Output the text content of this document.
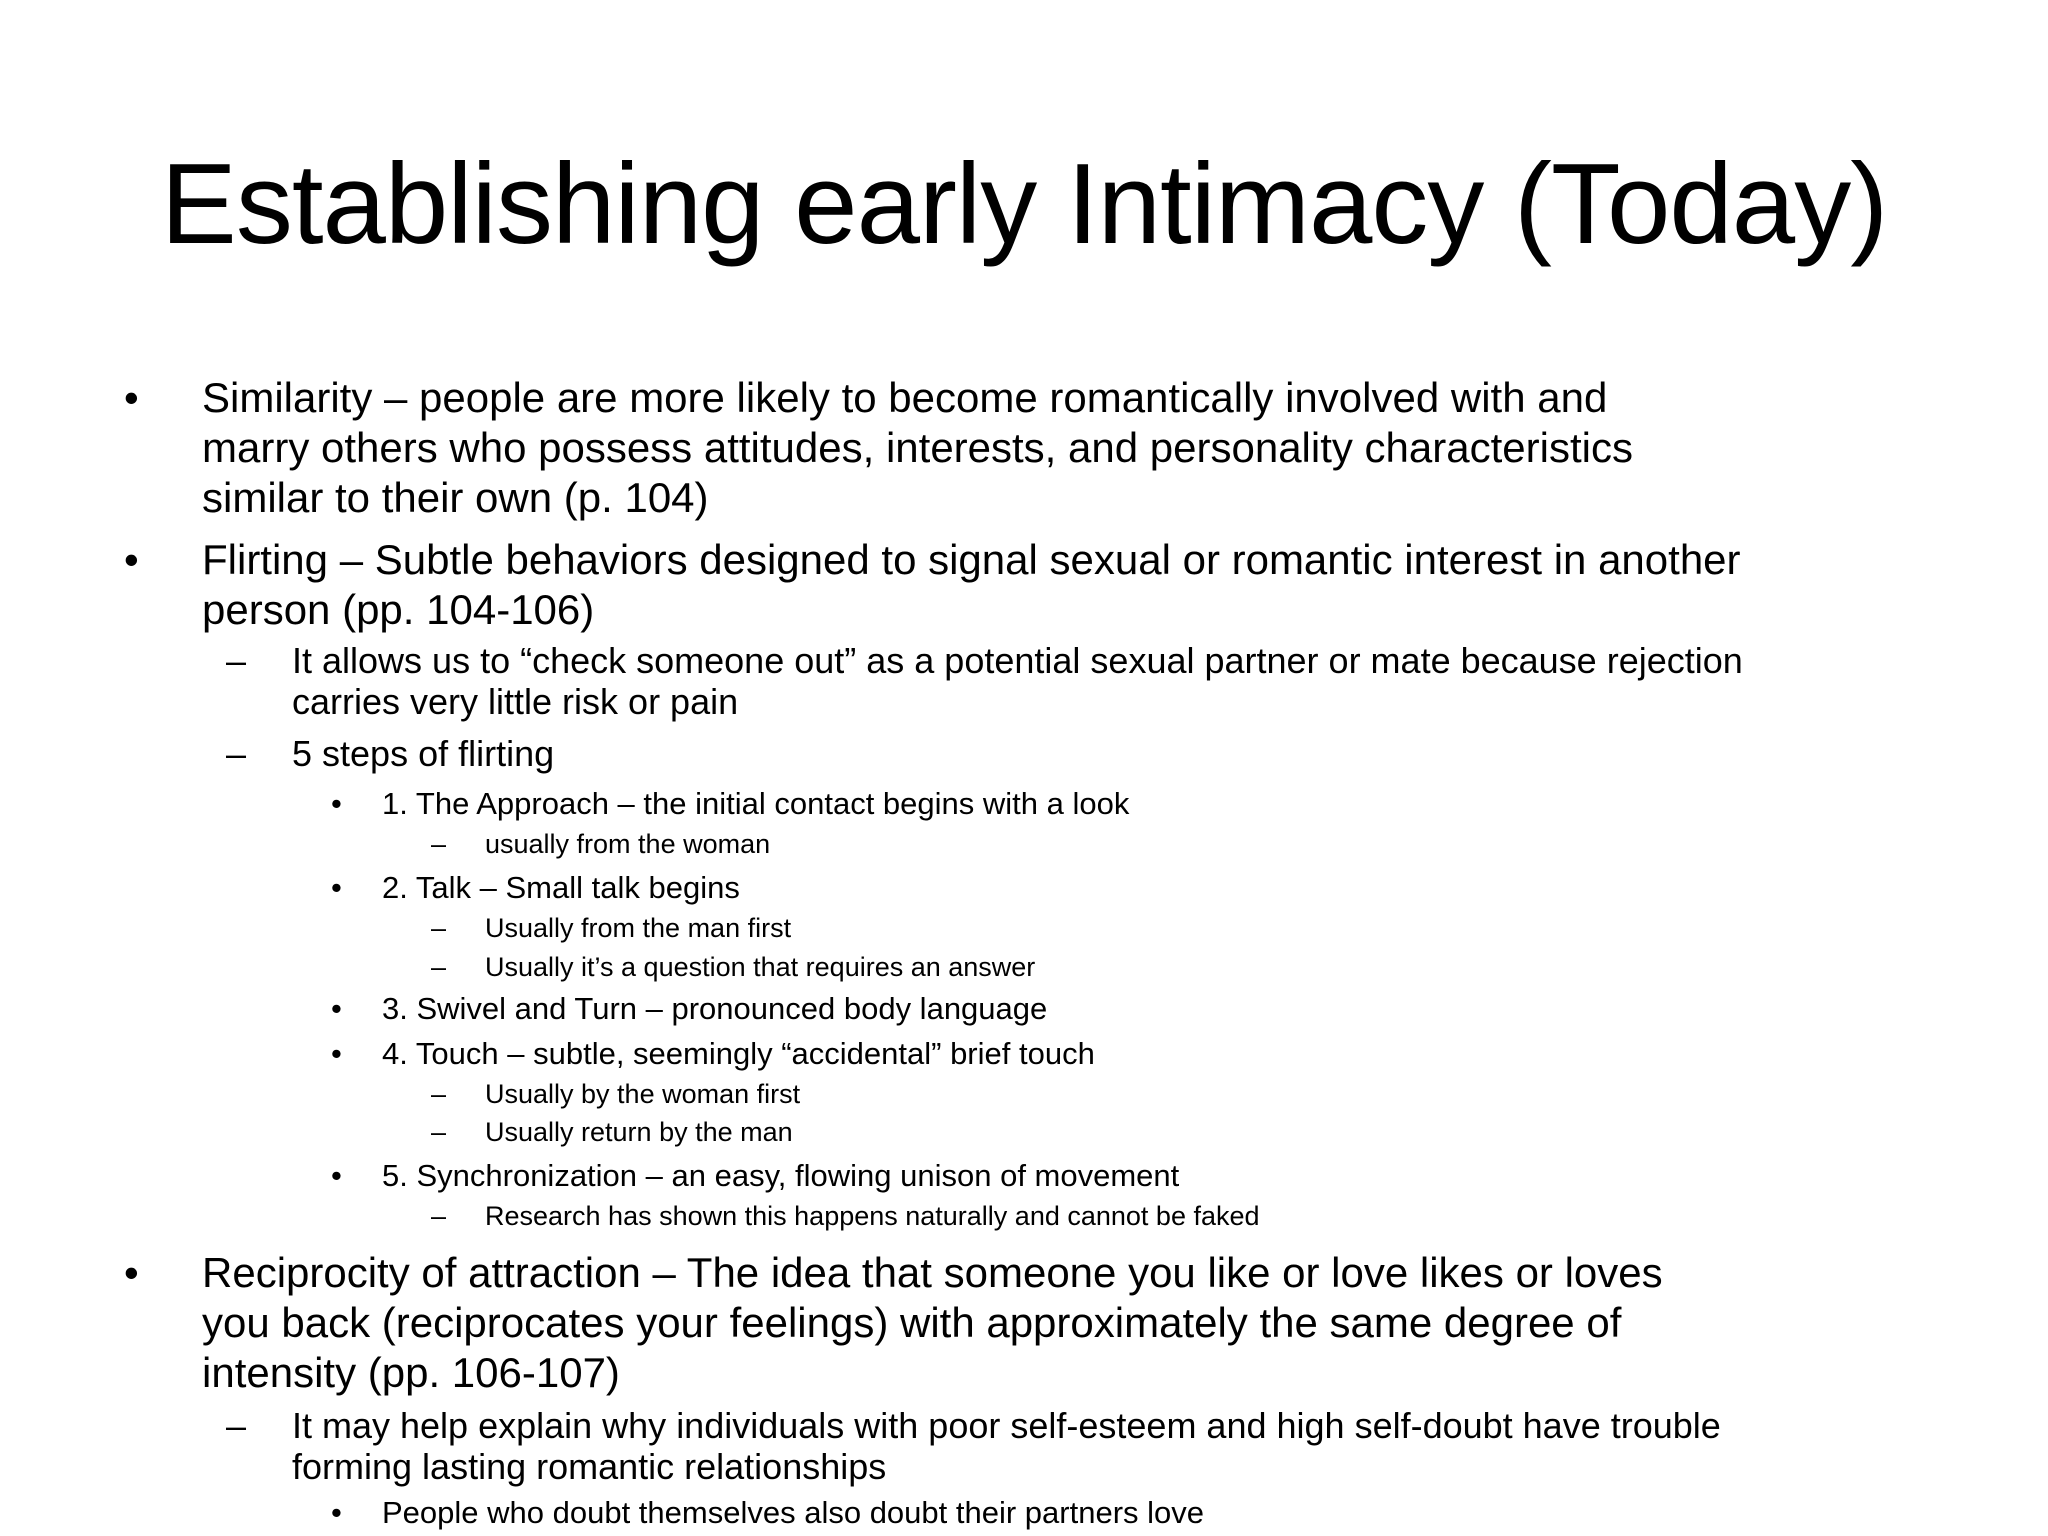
Establishing early Intimacy (Today)
• Similarity – people are more likely to become romantically involved with and
marry others who possess attitudes, interests, and personality characteristics
similar to their own (p. 104)
• Flirting – Subtle behaviors designed to signal sexual or romantic interest in another
person (pp. 104-106)
– It allows us to “check someone out” as a potential sexual partner or mate because rejection
carries very little risk or pain
– 5 steps of flirting
• 1. The Approach – the initial contact begins with a look
– usually from the woman
• 2. Talk – Small talk begins
– Usually from the man first
– Usually it’s a question that requires an answer
• 3. Swivel and Turn – pronounced body language
• 4. Touch – subtle, seemingly “accidental” brief touch
– Usually by the woman first
– Usually return by the man
• 5. Synchronization – an easy, flowing unison of movement
– Research has shown this happens naturally and cannot be faked
• Reciprocity of attraction – The idea that someone you like or love likes or loves
you back (reciprocates your feelings) with approximately the same degree of
intensity (pp. 106-107)
– It may help explain why individuals with poor self-esteem and high self-doubt have trouble
forming lasting romantic relationships
• People who doubt themselves also doubt their partners love
